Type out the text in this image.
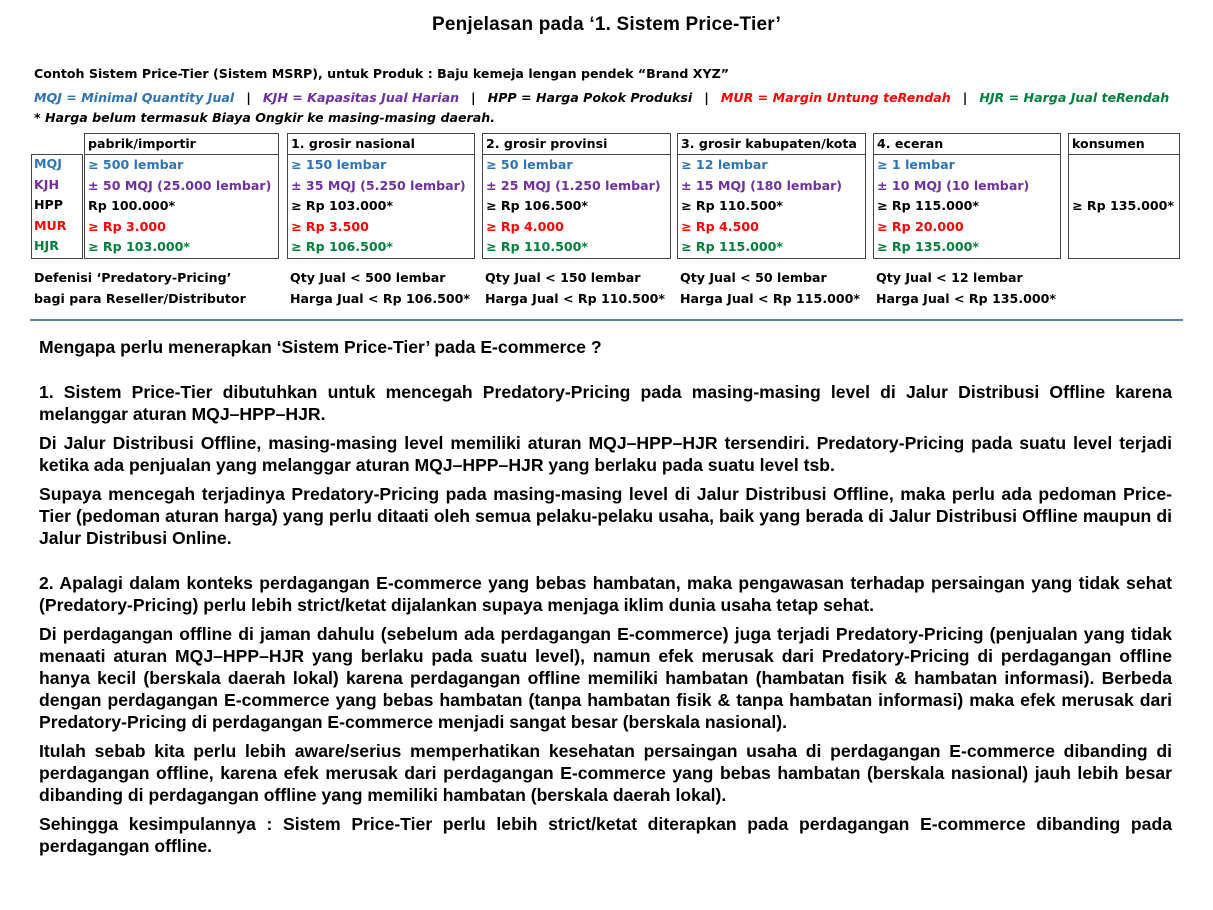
Penjelasan pada ‘1. Sistem Price-Tier’
Contoh Sistem Price-Tier (Sistem MSRP), untuk Produk : Baju kemeja lengan pendek “Brand XYZ”
MQJ = Minimal Quantity Jual | KJH = Kapasitas Jual Harian | HPP = Harga Pokok Produksi | MUR = Margin Untung teRendah | HJR = Harga Jual teRendah
* Harga belum termasuk Biaya Ongkir ke masing-masing daerah.
MQJ
KJH
HPP
MUR
HJR
pabrik/importir
≥ 500 lembar
± 50 MQJ (25.000 lembar)
Rp 100.000*
≥ Rp 3.000
≥ Rp 103.000*
1. grosir nasional
≥ 150 lembar
± 35 MQJ (5.250 lembar)
≥ Rp 103.000*
≥ Rp 3.500
≥ Rp 106.500*
2. grosir provinsi
≥ 50 lembar
± 25 MQJ (1.250 lembar)
≥ Rp 106.500*
≥ Rp 4.000
≥ Rp 110.500*
3. grosir kabupaten/kota
≥ 12 lembar
± 15 MQJ (180 lembar)
≥ Rp 110.500*
≥ Rp 4.500
≥ Rp 115.000*
4. eceran
≥ 1 lembar
± 10 MQJ (10 lembar)
≥ Rp 115.000*
≥ Rp 20.000
≥ Rp 135.000*
konsumen
≥ Rp 135.000*
Defenisi ‘Predatory-Pricing’
bagi para Reseller/Distributor
Qty Jual < 500 lembar
Harga Jual < Rp 106.500*
Qty Jual < 150 lembar
Harga Jual < Rp 110.500*
Qty Jual < 50 lembar
Harga Jual < Rp 115.000*
Qty Jual < 12 lembar
Harga Jual < Rp 135.000*

Mengapa perlu menerapkan ‘Sistem Price-Tier’ pada E-commerce ?

1. Sistem Price-Tier dibutuhkan untuk mencegah Predatory-Pricing pada masing-masing level di Jalur Distribusi Offline karena melanggar aturan MQJ–HPP–HJR.

Di Jalur Distribusi Offline, masing-masing level memiliki aturan MQJ–HPP–HJR tersendiri. Predatory-Pricing pada suatu level terjadi ketika ada penjualan yang melanggar aturan MQJ–HPP–HJR yang berlaku pada suatu level tsb.

Supaya mencegah terjadinya Predatory-Pricing pada masing-masing level di Jalur Distribusi Offline, maka perlu ada pedoman Price-Tier (pedoman aturan harga) yang perlu ditaati oleh semua pelaku-pelaku usaha, baik yang berada di Jalur Distribusi Offline maupun di Jalur Distribusi Online.

2. Apalagi dalam konteks perdagangan E-commerce yang bebas hambatan, maka pengawasan terhadap persaingan yang tidak sehat (Predatory-Pricing) perlu lebih strict/ketat dijalankan supaya menjaga iklim dunia usaha tetap sehat.

Di perdagangan offline di jaman dahulu (sebelum ada perdagangan E-commerce) juga terjadi Predatory-Pricing (penjualan yang tidak menaati aturan MQJ–HPP–HJR yang berlaku pada suatu level), namun efek merusak dari Predatory-Pricing di perdagangan offline hanya kecil (berskala daerah lokal) karena perdagangan offline memiliki hambatan (hambatan fisik & hambatan informasi). Berbeda dengan perdagangan E-commerce yang bebas hambatan (tanpa hambatan fisik & tanpa hambatan informasi) maka efek merusak dari Predatory-Pricing di perdagangan E-commerce menjadi sangat besar (berskala nasional).

Itulah sebab kita perlu lebih aware/serius memperhatikan kesehatan persaingan usaha di perdagangan E-commerce dibanding di perdagangan offline, karena efek merusak dari perdagangan E-commerce yang bebas hambatan (berskala nasional) jauh lebih besar dibanding di perdagangan offline yang memiliki hambatan (berskala daerah lokal).

Sehingga kesimpulannya : Sistem Price-Tier perlu lebih strict/ketat diterapkan pada perdagangan E-commerce dibanding pada perdagangan offline.
